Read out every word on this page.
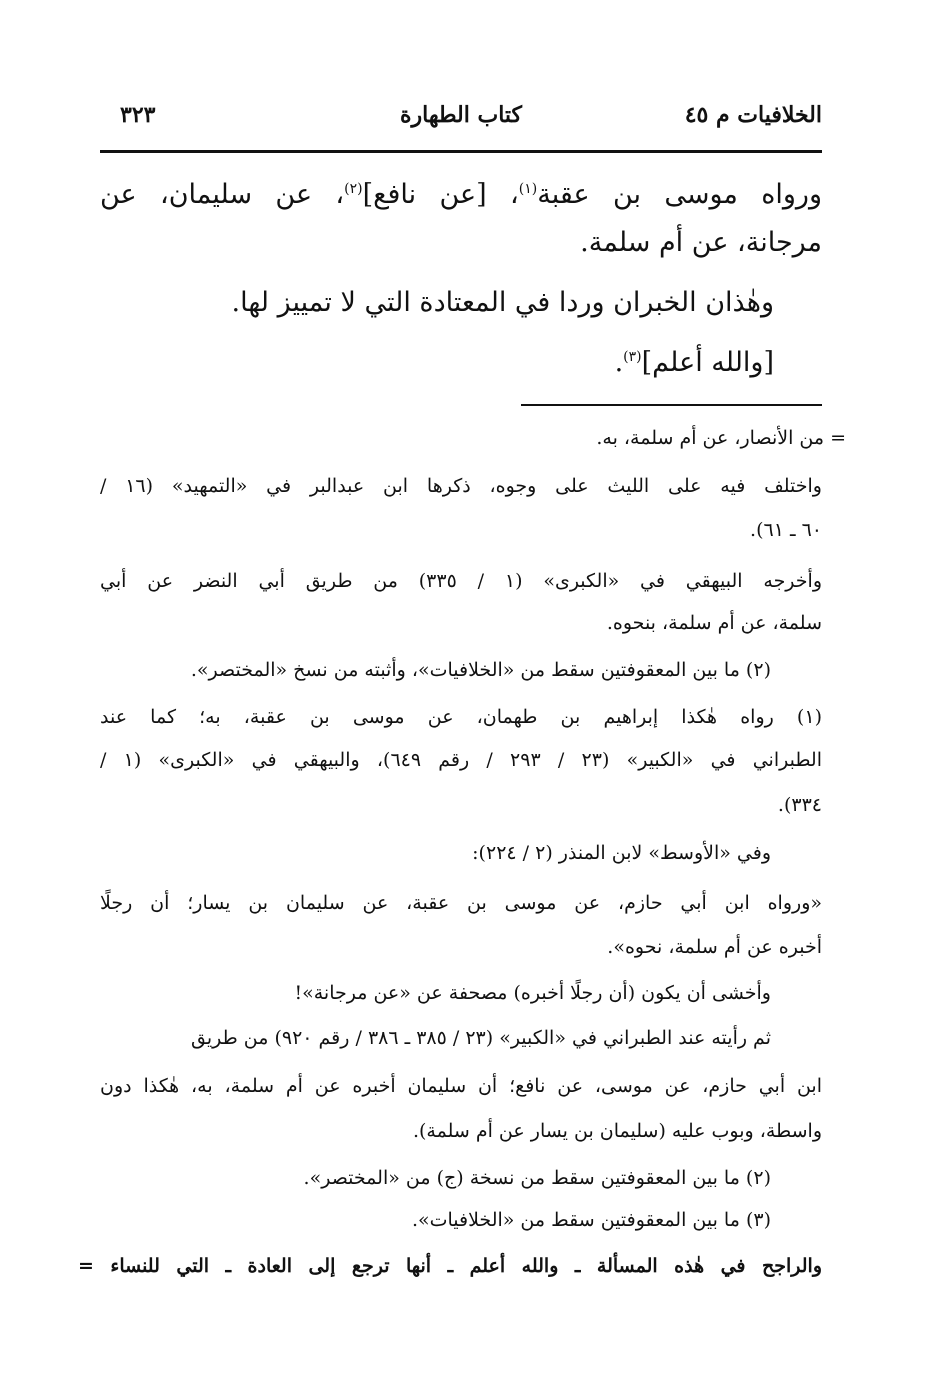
الخلافيات م ٤٥
كتاب الطهارة
٣٢٣
ورواه موسى بن عقبة$^{(١)}$، [عن نافع]$^{(٢)}$، عن سليمان، عن
مرجانة، عن أم سلمة.
وهٰذان الخبران وردا في المعتادة التي لا تمييز لها.
[والله أعلم]$^{(٣)}$.
= من الأنصار، عن أم سلمة، به.
واختلف فيه على الليث على وجوه، ذكرها ابن عبدالبر في «التمهيد» (١٦ /
٦٠ ـ ٦١).
وأخرجه البيهقي في «الكبرى» (١ / ٣٣٥) من طريق أبي النضر عن أبي
سلمة، عن أم سلمة، بنحوه.
(٢) ما بين المعقوفتين سقط من «الخلافيات»، وأثبته من نسخ «المختصر».
(١) رواه هٰكذا إبراهيم بن طهمان، عن موسى بن عقبة، به؛ كما عند
الطبراني في «الكبير» (٢٣ / ٢٩٣ / رقم ٦٤٩)، والبيهقي في «الكبرى» (١ /
٣٣٤).
وفي «الأوسط» لابن المنذر (٢ / ٢٢٤):
«ورواه ابن أبي حازم، عن موسى بن عقبة، عن سليمان بن يسار؛ أن رجلًا
أخبره عن أم سلمة، نحوه».
وأخشى أن يكون (أن رجلًا أخبره) مصحفة عن «عن مرجانة»!
ثم رأيته عند الطبراني في «الكبير» (٢٣ / ٣٨٥ ـ ٣٨٦ / رقم ٩٢٠) من طريق
ابن أبي حازم، عن موسى، عن نافع؛ أن سليمان أخبره عن أم سلمة، به، هٰكذا دون
واسطة، وبوب عليه (سليمان بن يسار عن أم سلمة).
(٢) ما بين المعقوفتين سقط من نسخة (ج) من «المختصر».
(٣) ما بين المعقوفتين سقط من «الخلافيات».
والراجح في هٰذه المسألة ـ والله أعلم ـ أنها ترجع إلى العادة ـ التي للنساء =
